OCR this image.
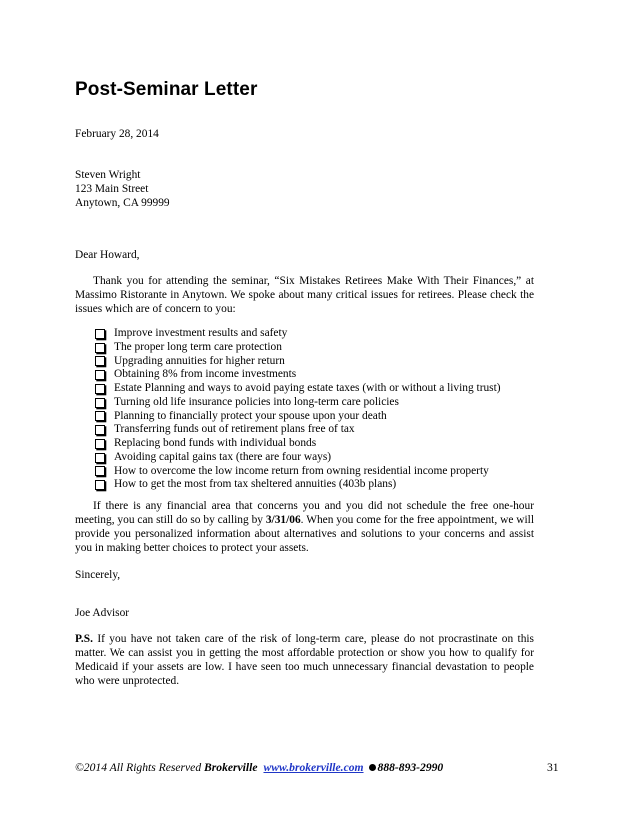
Post-Seminar Letter
February 28, 2014
Steven Wright
123 Main Street
Anytown, CA 99999
Dear Howard,
Thank you for attending the seminar, “Six Mistakes Retirees Make With Their Finances,” at Massimo Ristorante in Anytown. We spoke about many critical issues for retirees. Please check the issues which are of concern to you:
Improve investment results and safety
The proper long term care protection
Upgrading annuities for higher return
Obtaining 8% from income investments
Estate Planning and ways to avoid paying estate taxes (with or without a living trust)
Turning old life insurance policies into long-term care policies
Planning to financially protect your spouse upon your death
Transferring funds out of retirement plans free of tax
Replacing bond funds with individual bonds
Avoiding capital gains tax (there are four ways)
How to overcome the low income return from owning residential income property
How to get the most from tax sheltered annuities (403b plans)
If there is any financial area that concerns you and you did not schedule the free one-hour meeting, you can still do so by calling by 3/31/06. When you come for the free appointment, we will provide you personalized information about alternatives and solutions to your concerns and assist you in making better choices to protect your assets.
Sincerely,
Joe Advisor
P.S. If you have not taken care of the risk of long-term care, please do not procrastinate on this matter. We can assist you in getting the most affordable protection or show you how to qualify for Medicaid if your assets are low. I have seen too much unnecessary financial devastation to people who were unprotected.
©2014 All Rights Reserved Brokerville www.brokerville.com 888-893-2990	31
